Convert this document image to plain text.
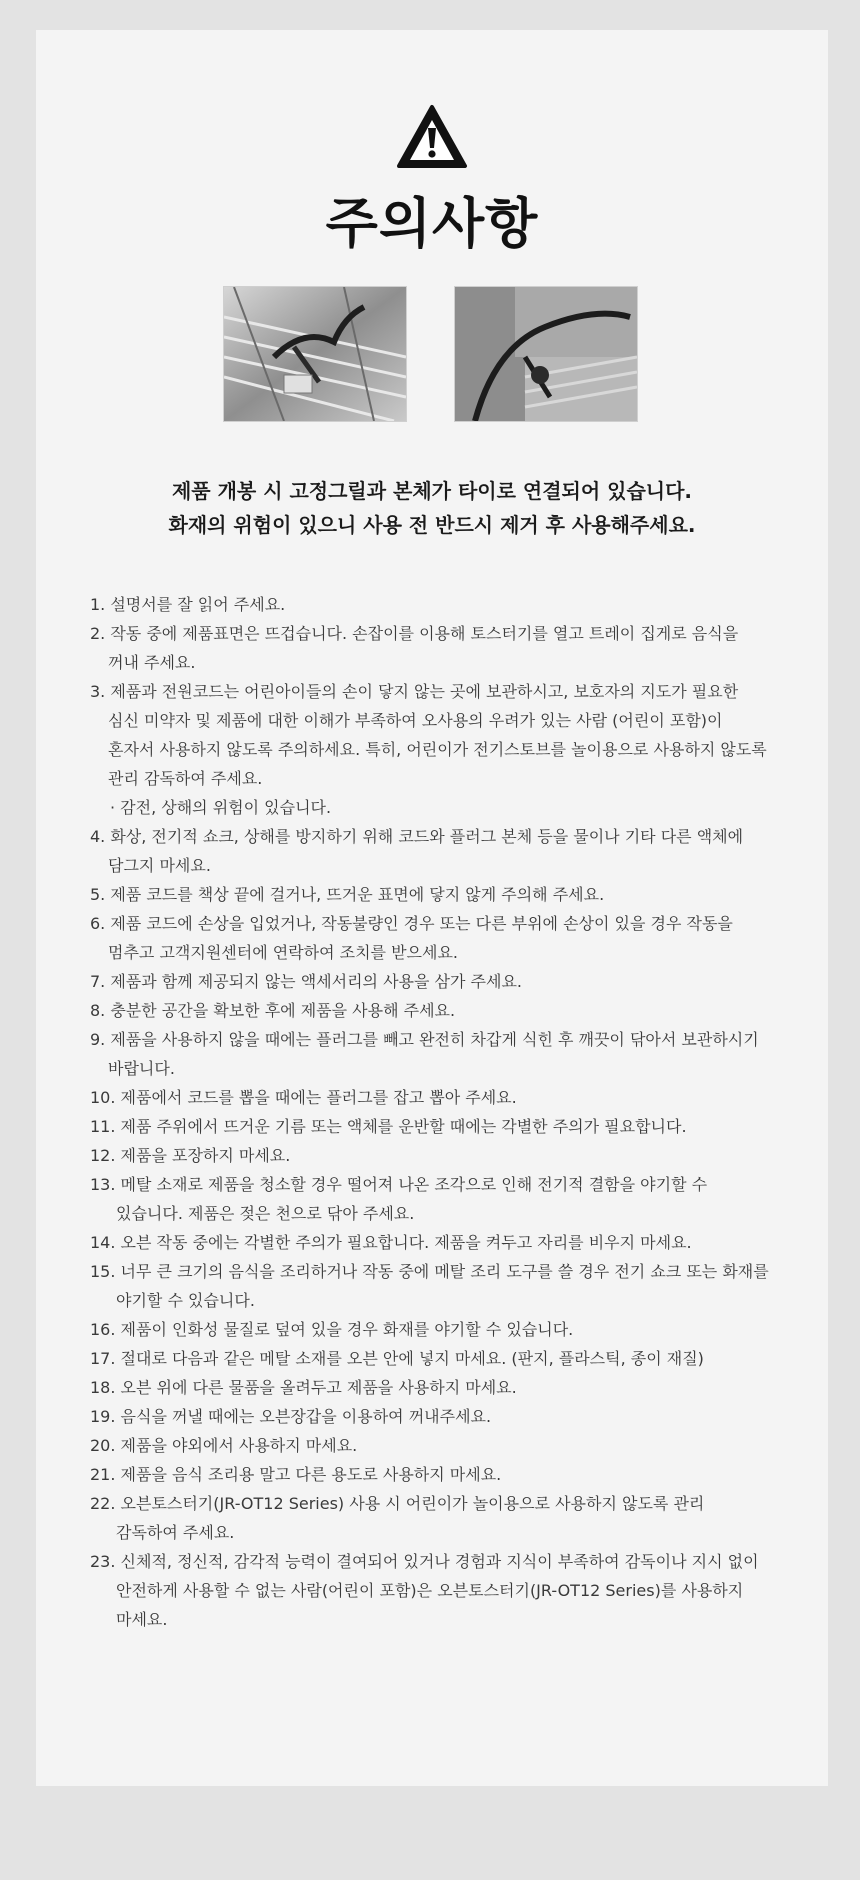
주의사항
제품 개봉 시 고정그릴과 본체가 타이로 연결되어 있습니다.
화재의 위험이 있으니 사용 전 반드시 제거 후 사용해주세요.
1. 설명서를 잘 읽어 주세요.
2. 작동 중에 제품표면은 뜨겁습니다. 손잡이를 이용해 토스터기를 열고 트레이 집게로 음식을
꺼내 주세요.
3. 제품과 전원코드는 어린아이들의 손이 닿지 않는 곳에 보관하시고, 보호자의 지도가 필요한
심신 미약자 및 제품에 대한 이해가 부족하여 오사용의 우려가 있는 사람 (어린이 포함)이
혼자서 사용하지 않도록 주의하세요. 특히, 어린이가 전기스토브를 놀이용으로 사용하지 않도록
관리 감독하여 주세요.
· 감전, 상해의 위험이 있습니다.
4. 화상, 전기적 쇼크, 상해를 방지하기 위해 코드와 플러그 본체 등을 물이나 기타 다른 액체에
담그지 마세요.
5. 제품 코드를 책상 끝에 걸거나, 뜨거운 표면에 닿지 않게 주의해 주세요.
6. 제품 코드에 손상을 입었거나, 작동불량인 경우 또는 다른 부위에 손상이 있을 경우 작동을
멈추고 고객지원센터에 연락하여 조치를 받으세요.
7. 제품과 함께 제공되지 않는 액세서리의 사용을 삼가 주세요.
8. 충분한 공간을 확보한 후에 제품을 사용해 주세요.
9. 제품을 사용하지 않을 때에는 플러그를 빼고 완전히 차갑게 식힌 후 깨끗이 닦아서 보관하시기
바랍니다.
10. 제품에서 코드를 뽑을 때에는 플러그를 잡고 뽑아 주세요.
11. 제품 주위에서 뜨거운 기름 또는 액체를 운반할 때에는 각별한 주의가 필요합니다.
12. 제품을 포장하지 마세요.
13. 메탈 소재로 제품을 청소할 경우 떨어져 나온 조각으로 인해 전기적 결함을 야기할 수
있습니다. 제품은 젖은 천으로 닦아 주세요.
14. 오븐 작동 중에는 각별한 주의가 필요합니다. 제품을 켜두고 자리를 비우지 마세요.
15. 너무 큰 크기의 음식을 조리하거나 작동 중에 메탈 조리 도구를 쓸 경우 전기 쇼크 또는 화재를
야기할 수 있습니다.
16. 제품이 인화성 물질로 덮여 있을 경우 화재를 야기할 수 있습니다.
17. 절대로 다음과 같은 메탈 소재를 오븐 안에 넣지 마세요. (판지, 플라스틱, 종이 재질)
18. 오븐 위에 다른 물품을 올려두고 제품을 사용하지 마세요.
19. 음식을 꺼낼 때에는 오븐장갑을 이용하여 꺼내주세요.
20. 제품을 야외에서 사용하지 마세요.
21. 제품을 음식 조리용 말고 다른 용도로 사용하지 마세요.
22. 오븐토스터기(JR-OT12 Series) 사용 시 어린이가 놀이용으로 사용하지 않도록 관리
감독하여 주세요.
23. 신체적, 정신적, 감각적 능력이 결여되어 있거나 경험과 지식이 부족하여 감독이나 지시 없이
안전하게 사용할 수 없는 사람(어린이 포함)은 오븐토스터기(JR-OT12 Series)를 사용하지
마세요.
